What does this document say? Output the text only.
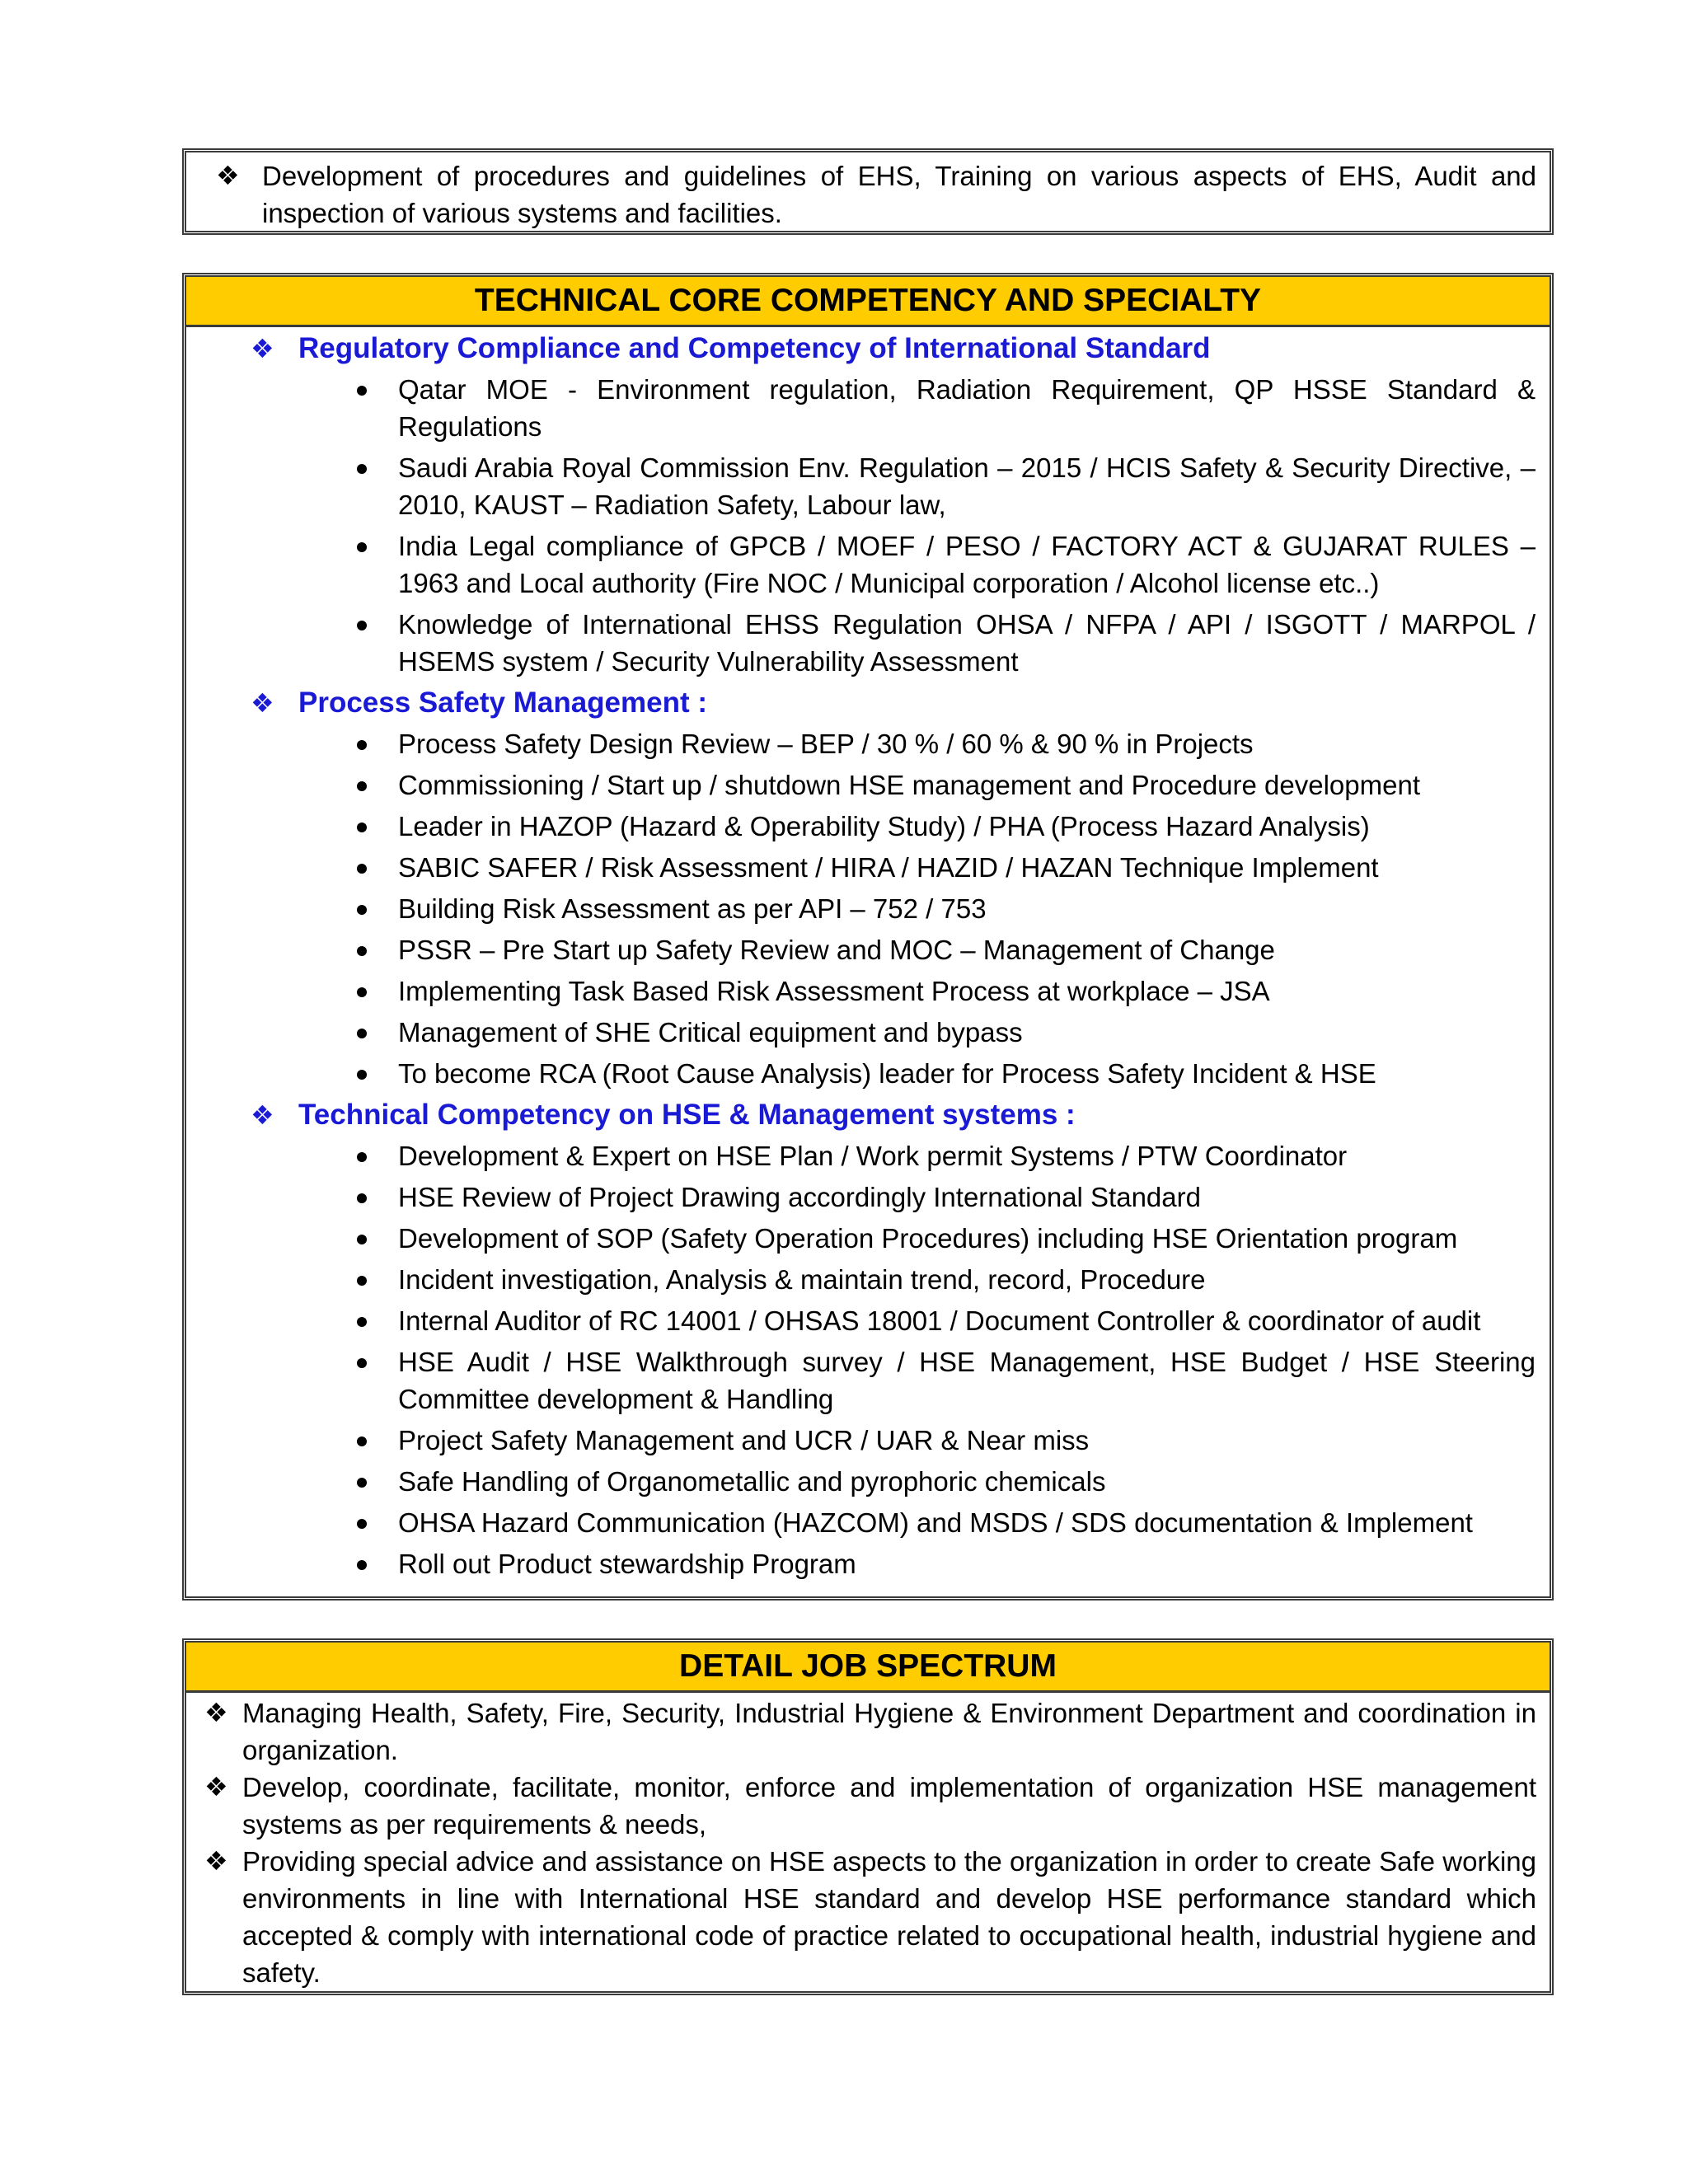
❖ Development of procedures and guidelines of EHS, Training on various aspects of EHS, Audit and inspection of various systems and facilities.
TECHNICAL CORE COMPETENCY AND SPECIALTY
❖ Regulatory Compliance and Competency of International Standard
Qatar MOE - Environment regulation, Radiation Requirement, QP HSSE Standard & Regulations
Saudi Arabia Royal Commission Env. Regulation – 2015 / HCIS Safety & Security Directive, – 2010, KAUST – Radiation Safety, Labour law,
India Legal compliance of GPCB / MOEF / PESO / FACTORY ACT & GUJARAT RULES – 1963 and Local authority (Fire NOC / Municipal corporation / Alcohol license etc..)
Knowledge of International EHSS Regulation OHSA / NFPA / API / ISGOTT / MARPOL / HSEMS system / Security Vulnerability Assessment
❖ Process Safety Management :
Process Safety Design Review – BEP / 30 % / 60 % & 90 % in Projects
Commissioning / Start up / shutdown HSE management and Procedure development
Leader in HAZOP (Hazard & Operability Study) / PHA (Process Hazard Analysis)
SABIC SAFER / Risk Assessment / HIRA / HAZID / HAZAN Technique Implement
Building Risk Assessment as per API – 752 / 753
PSSR – Pre Start up Safety Review and MOC – Management of Change
Implementing Task Based Risk Assessment Process at workplace – JSA
Management of SHE Critical equipment and bypass
To become RCA (Root Cause Analysis) leader for Process Safety Incident & HSE
❖ Technical Competency on HSE & Management systems :
Development & Expert on HSE Plan / Work permit Systems / PTW Coordinator
HSE Review of Project Drawing accordingly International Standard
Development of SOP (Safety Operation Procedures) including HSE Orientation program
Incident investigation, Analysis & maintain trend, record, Procedure
Internal Auditor of RC 14001 / OHSAS 18001 / Document Controller & coordinator of audit
HSE Audit / HSE Walkthrough survey / HSE Management, HSE Budget / HSE Steering Committee development & Handling
Project Safety Management and UCR / UAR & Near miss
Safe Handling of Organometallic and pyrophoric chemicals
OHSA Hazard Communication (HAZCOM) and MSDS / SDS documentation & Implement
Roll out Product stewardship Program
DETAIL JOB SPECTRUM
❖ Managing Health, Safety, Fire, Security, Industrial Hygiene & Environment Department and coordination in organization.
❖ Develop, coordinate, facilitate, monitor, enforce and implementation of organization HSE management systems as per requirements & needs,
❖ Providing special advice and assistance on HSE aspects to the organization in order to create Safe working environments in line with International HSE standard and develop HSE performance standard which accepted & comply with international code of practice related to occupational health, industrial hygiene and safety.
